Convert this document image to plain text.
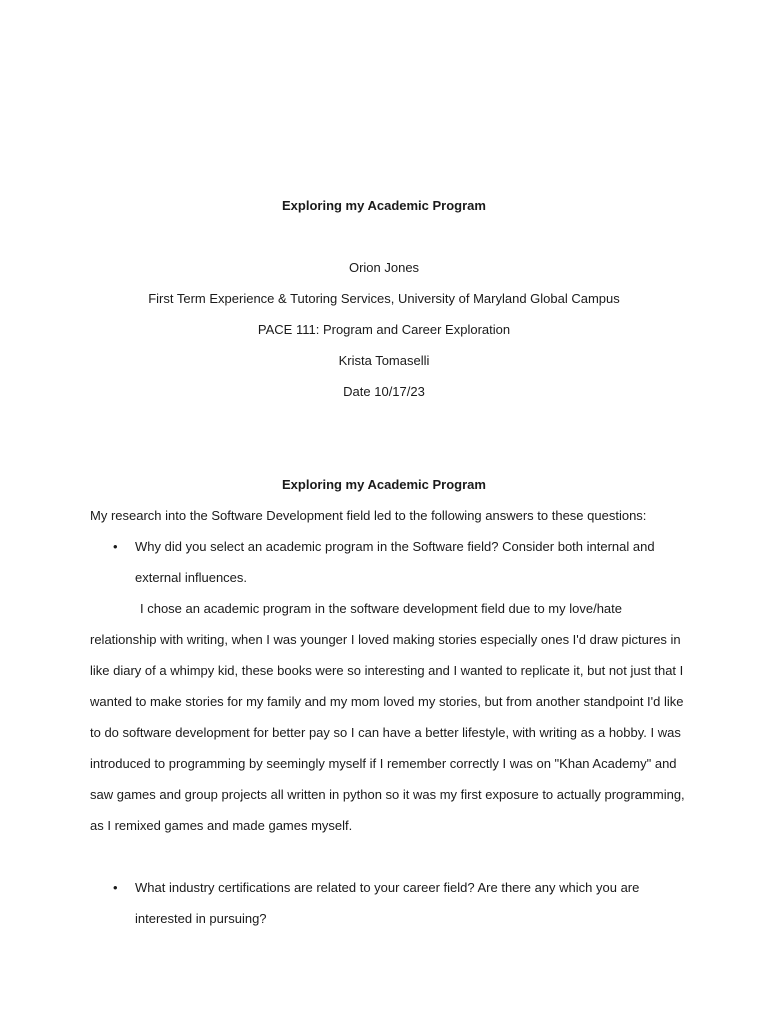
Exploring my Academic Program
Orion Jones
First Term Experience & Tutoring Services, University of Maryland Global Campus
PACE 111: Program and Career Exploration
Krista Tomaselli
Date 10/17/23
Exploring my Academic Program
My research into the Software Development field led to the following answers to these questions:
• Why did you select an academic program in the Software field? Consider both internal and
external influences.
I chose an academic program in the software development field due to my love/hate
relationship with writing, when I was younger I loved making stories especially ones I'd draw pictures in
like diary of a whimpy kid, these books were so interesting and I wanted to replicate it, but not just that I
wanted to make stories for my family and my mom loved my stories, but from another standpoint I'd like
to do software development for better pay so I can have a better lifestyle, with writing as a hobby. I was
introduced to programming by seemingly myself if I remember correctly I was on "Khan Academy" and
saw games and group projects all written in python so it was my first exposure to actually programming,
as I remixed games and made games myself.
• What industry certifications are related to your career field? Are there any which you are
interested in pursuing?
